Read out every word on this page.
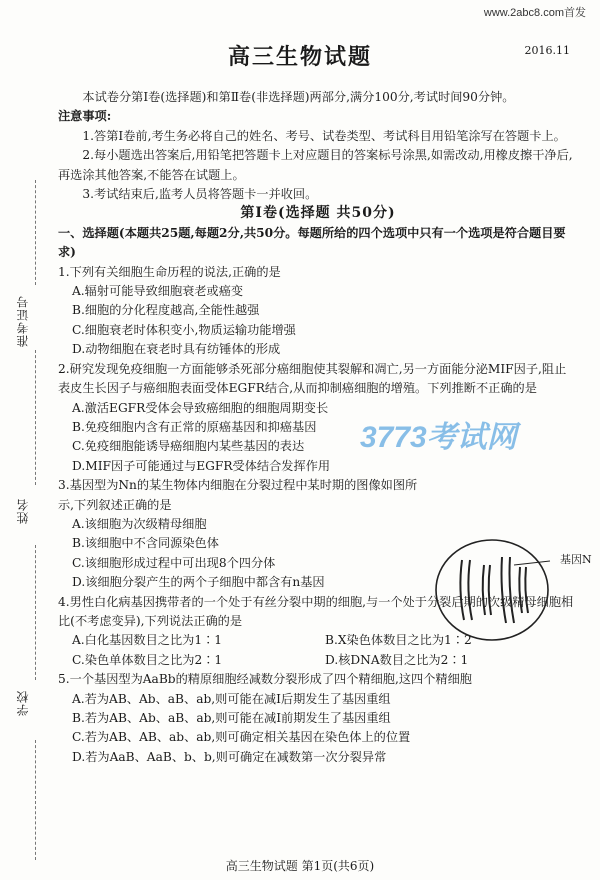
www.2abc8.com首发
高三生物试题	2016.11
准考证号
姓名
学校
3773考试网

本试卷分第Ⅰ卷(选择题)和第Ⅱ卷(非选择题)两部分,满分100分,考试时间90分钟。

注意事项:

1.答第Ⅰ卷前,考生务必将自己的姓名、考号、试卷类型、考试科目用铅笔涂写在答题卡上。

2.每小题选出答案后,用铅笔把答题卡上对应题目的答案标号涂黑,如需改动,用橡皮擦干净后,再选涂其他答案,不能答在试题上。

3.考试结束后,监考人员将答题卡一并收回。

第Ⅰ卷(选择题 共50分)

一、选择题(本题共25题,每题2分,共50分。每题所给的四个选项中只有一个选项是符合题目要求)

1.下列有关细胞生命历程的说法,正确的是

A.辐射可能导致细胞衰老或癌变

B.细胞的分化程度越高,全能性越强

C.细胞衰老时体积变小,物质运输功能增强

D.动物细胞在衰老时具有纺锤体的形成

2.研究发现免疫细胞一方面能够杀死部分癌细胞使其裂解和凋亡,另一方面能分泌MIF因子,阻止表皮生长因子与癌细胞表面受体EGFR结合,从而抑制癌细胞的增殖。下列推断不正确的是

A.激活EGFR受体会导致癌细胞的细胞周期变长

B.免疫细胞内含有正常的原癌基因和抑癌基因

C.免疫细胞能诱导癌细胞内某些基因的表达

D.MIF因子可能通过与EGFR受体结合发挥作用

3.基因型为Nn的某生物体内细胞在分裂过程中某时期的图像如图所示,下列叙述正确的是

A.该细胞为次级精母细胞

B.该细胞中不含同源染色体

C.该细胞形成过程中可出现8个四分体

D.该细胞分裂产生的两个子细胞中都含有n基因

4.男性白化病基因携带者的一个处于有丝分裂中期的细胞,与一个处于分裂后期的次级精母细胞相比(不考虑变异),下列说法正确的是

A.白化基因数目之比为1∶1	B.X染色体数目之比为1∶2
C.染色单体数目之比为2∶1	D.核DNA数目之比为2∶1

5.一个基因型为AaBb的精原细胞经减数分裂形成了四个精细胞,这四个精细胞

A.若为AB、Ab、aB、ab,则可能在减Ⅰ后期发生了基因重组

B.若为AB、Ab、aB、ab,则可能在减Ⅰ前期发生了基因重组

C.若为AB、AB、ab、ab,则可确定相关基因在染色体上的位置

D.若为AaB、AaB、b、b,则可确定在减数第一次分裂异常

基因N
高三生物试题 第1页(共6页)
